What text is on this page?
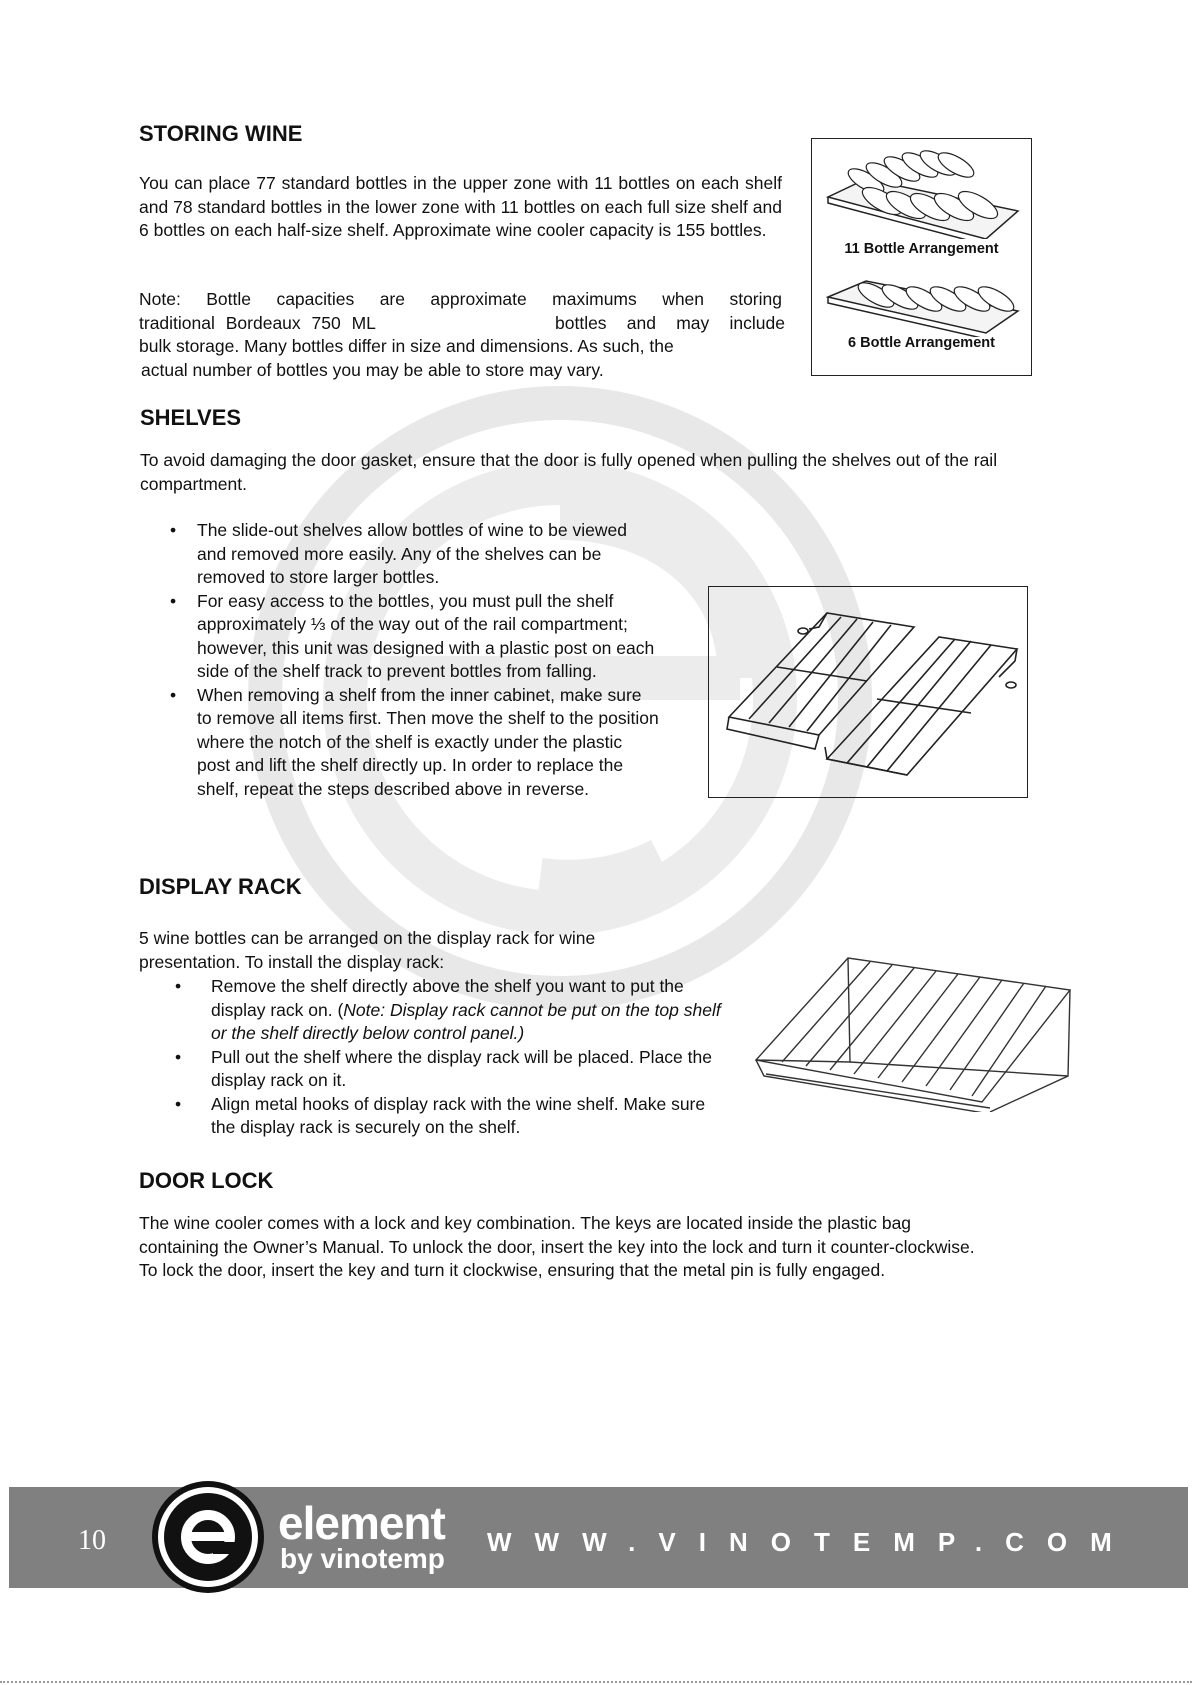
STORING WINE

You can place 77 standard bottles in the upper zone with 11 bottles on each shelf and 78 standard bottles in the lower zone with 11 bottles on each full size shelf and 6 bottles on each half-size shelf. Approximate wine cooler capacity is 155 bottles.

Note: Bottle capacities are approximate maximums when storing
traditional Bordeaux 750 ML	bottles and may include
bulk storage. Many bottles differ in size and dimensions. As such, the
actual number of bottles you may be able to store may vary.
11 Bottle Arrangement
6 Bottle Arrangement
SHELVES

To avoid damaging the door gasket, ensure that the door is fully opened when pulling the shelves out of the rail compartment.

• The slide-out shelves allow bottles of wine to be viewed and removed more easily. Any of the shelves can be removed to store larger bottles.
• For easy access to the bottles, you must pull the shelf approximately ⅓ of the way out of the rail compartment; however, this unit was designed with a plastic post on each side of the shelf track to prevent bottles from falling.
• When removing a shelf from the inner cabinet, make sure to remove all items first. Then move the shelf to the position where the notch of the shelf is exactly under the plastic post and lift the shelf directly up. In order to replace the shelf, repeat the steps described above in reverse.
DISPLAY RACK

5 wine bottles can be arranged on the display rack for wine presentation. To install the display rack:

• Remove the shelf directly above the shelf you want to put the display rack on. (Note: Display rack cannot be put on the top shelf or the shelf directly below control panel.)
• Pull out the shelf where the display rack will be placed. Place the display rack on it.
• Align metal hooks of display rack with the wine shelf. Make sure the display rack is securely on the shelf.
DOOR LOCK
The wine cooler comes with a lock and key combination. The keys are located inside the plastic bag
containing the Owner’s Manual. To unlock the door, insert the key into the lock and turn it counter-clockwise.
To lock the door, insert the key and turn it clockwise, ensuring that the metal pin is fully engaged.
10	element
by vinotemp
WWW.VINOTEMP.COM
